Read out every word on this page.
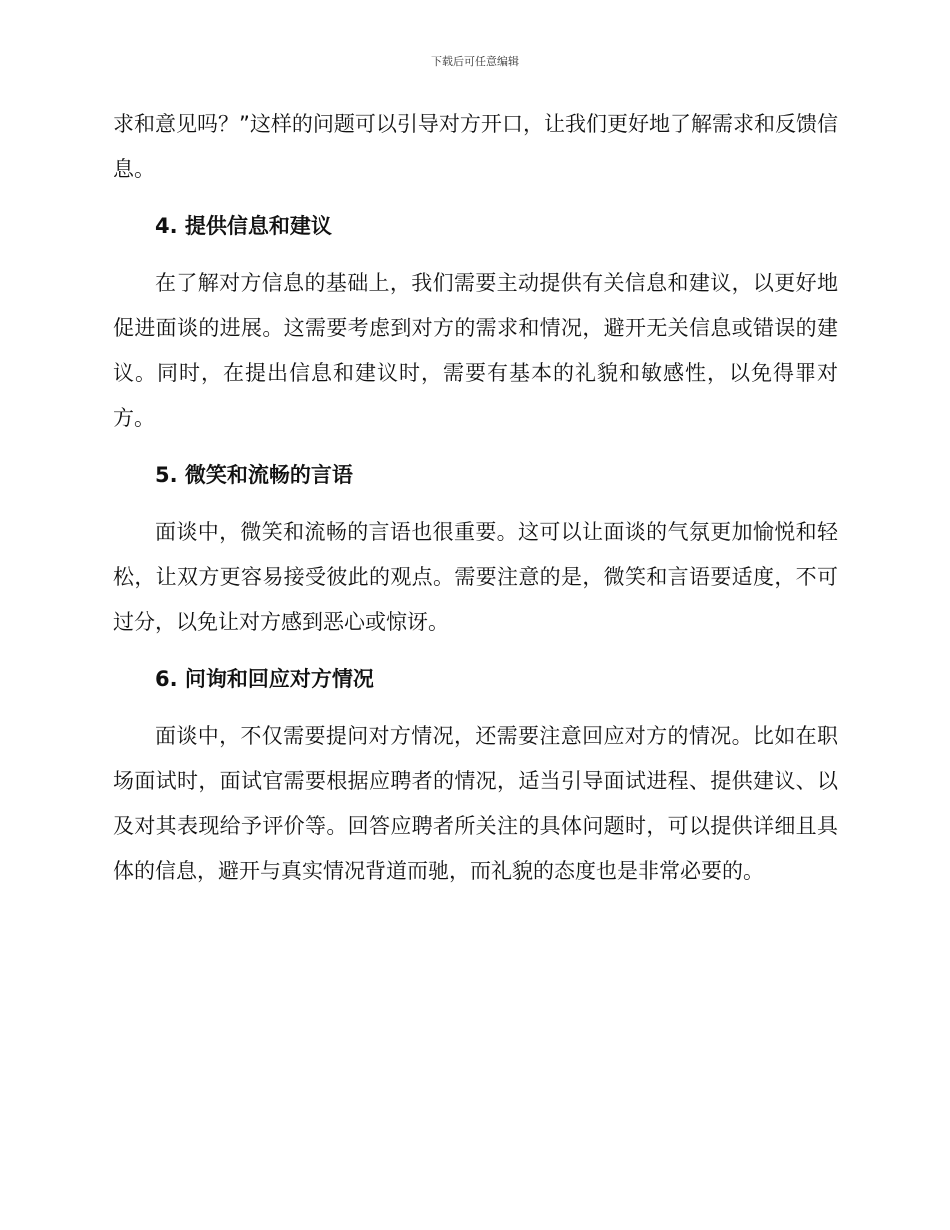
下载后可任意编辑

求和意见吗？”这样的问题可以引导对方开口，让我们更好地了解需求和反馈信息。

4. 提供信息和建议

在了解对方信息的基础上，我们需要主动提供有关信息和建议，以更好地促进面谈的进展。这需要考虑到对方的需求和情况，避开无关信息或错误的建议。同时，在提出信息和建议时，需要有基本的礼貌和敏感性，以免得罪对方。

5. 微笑和流畅的言语

面谈中，微笑和流畅的言语也很重要。这可以让面谈的气氛更加愉悦和轻松，让双方更容易接受彼此的观点。需要注意的是，微笑和言语要适度，不可过分，以免让对方感到恶心或惊讶。

6. 问询和回应对方情况

面谈中，不仅需要提问对方情况，还需要注意回应对方的情况。比如在职场面试时，面试官需要根据应聘者的情况，适当引导面试进程、提供建议、以及对其表现给予评价等。回答应聘者所关注的具体问题时，可以提供详细且具体的信息，避开与真实情况背道而驰，而礼貌的态度也是非常必要的。
